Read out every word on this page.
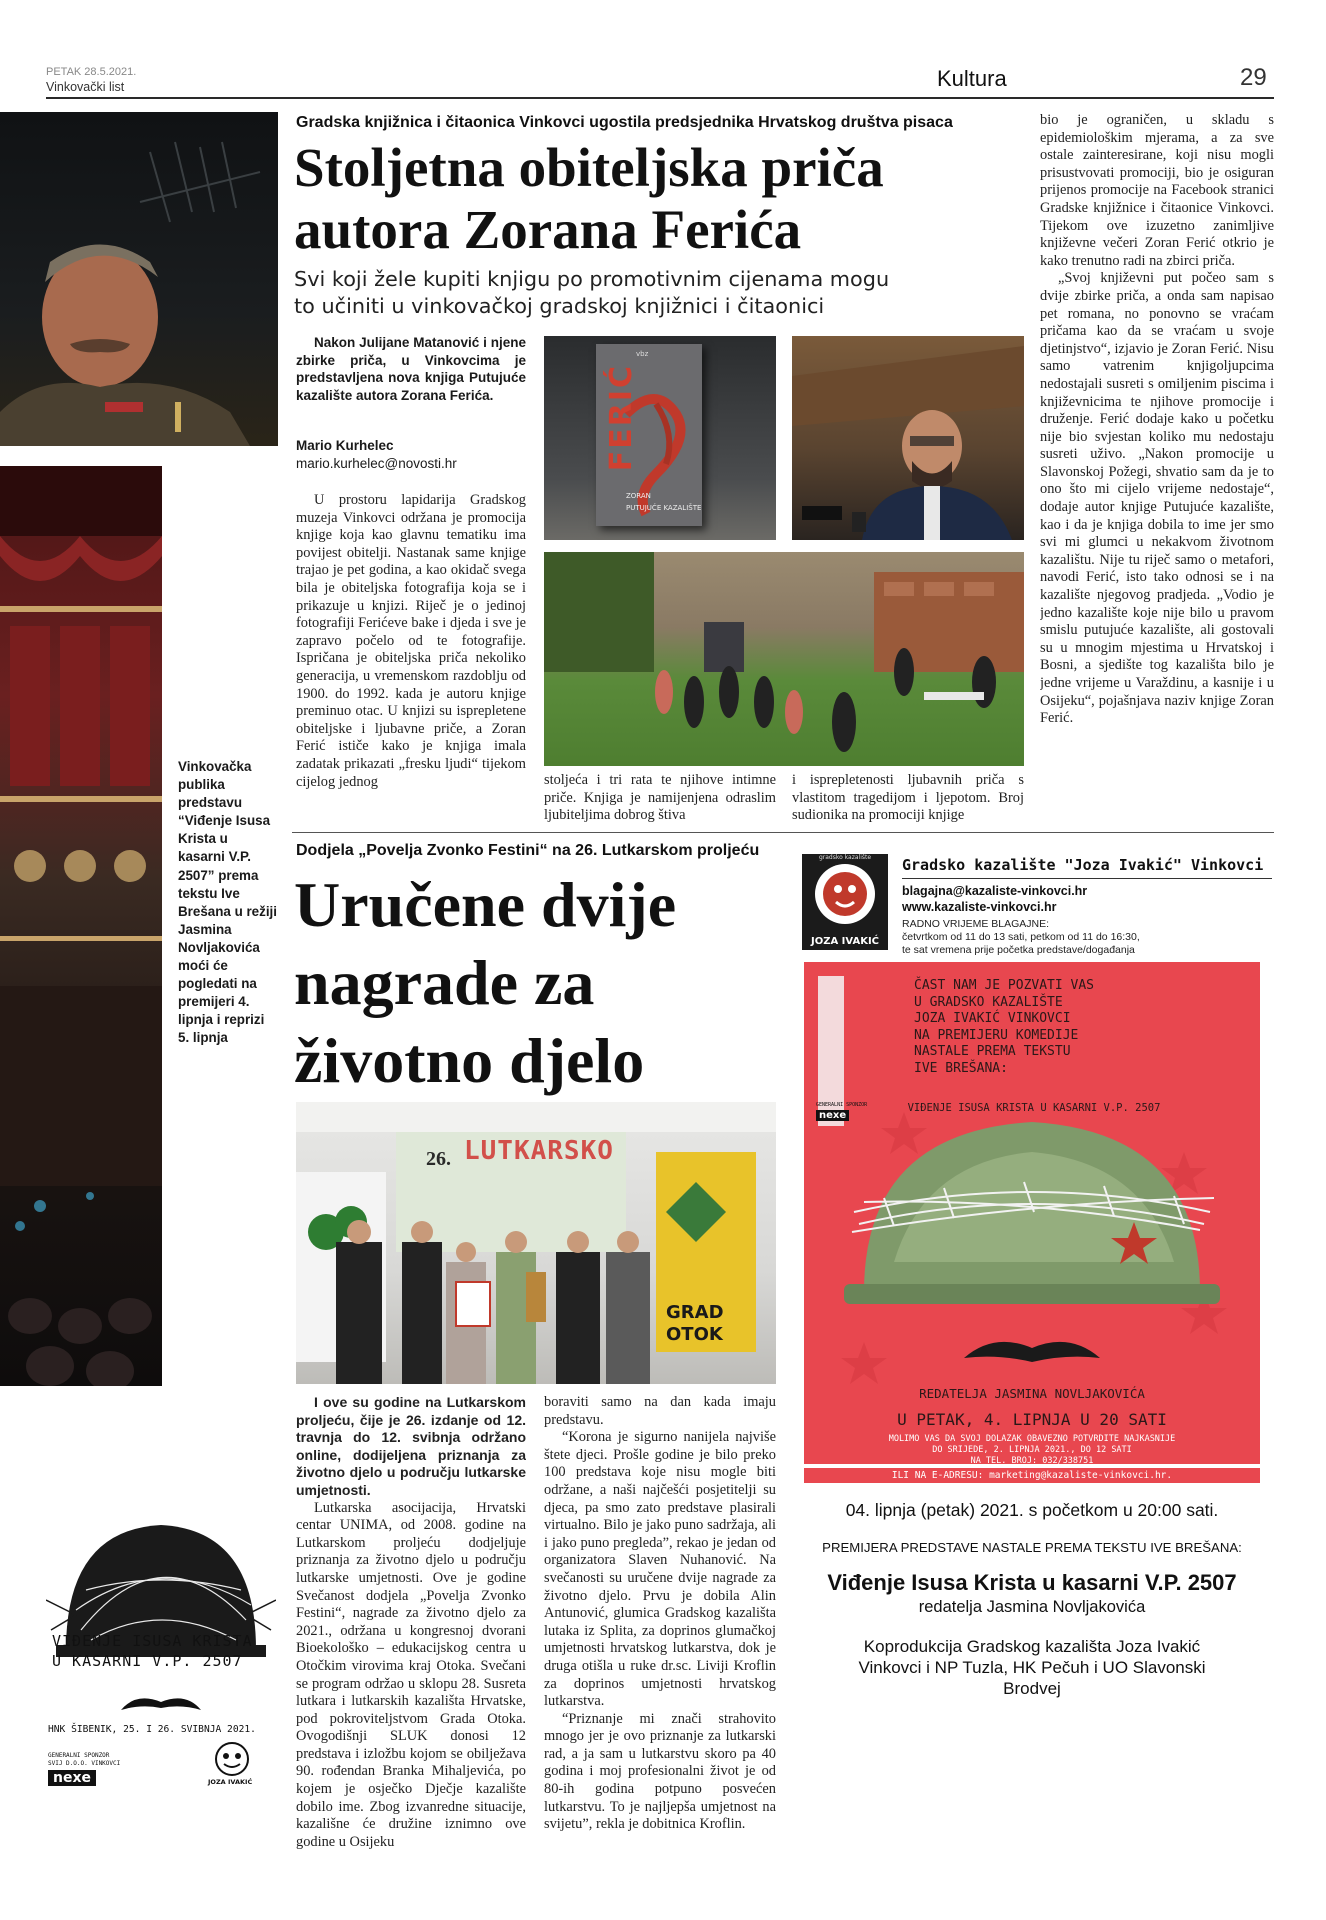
PETAK 28.5.2021.
Vinkovački list	Kultura	29
Vinkovačka publika predstavu “Viđenje Isusa Krista u kasarni V.P. 2507” prema tekstu Ive Brešana u režiji Jasmina Novljakovića moći će pogledati na premijeri 4. lipnja i reprizi 5. lipnja
VIĐENJE ISUSA KRISTA
U KASARNI V.P. 2507
HNK ŠIBENIK, 25. I 26. SVIBNJA 2021.
GENERALNI SPONZOR
SVIJ D.O.O. VINKOVCI
nexe	JOZA IVAKIĆ
Gradska knjižnica i čitaonica Vinkovci ugostila predsjednika Hrvatskog društva pisaca
Stoljetna obiteljska priča
autora Zorana Ferića
Svi koji žele kupiti knjigu po promotivnim cijenama mogu
to učiniti u vinkovačkoj gradskoj knjižnici i čitaonici
Nakon Julijane Matanović i njene zbirke priča, u Vinkovcima je predstavljena nova knjiga Putujuće kazalište autora Zorana Ferića.
Mario Kurhelec
mario.kurhelec@novosti.hr

U prostoru lapidarija Gradskog muzeja Vinkovci održana je promocija knjige koja kao glavnu tematiku ima povijest obitelji. Nastanak same knjige trajao je pet godina, a kao okidač svega bila je obiteljska fotografija koja se i prikazuje u knjizi. Riječ je o jedinoj fotografiji Ferićeve bake i djeda i sve je zapravo počelo od te fotografije. Ispričana je obiteljska priča nekoliko generacija, u vremenskom razdoblju od 1900. do 1992. kada je autoru knjige preminuo otac. U knjizi su isprepletene obiteljske i ljubavne priče, a Zoran Ferić ističe kako je knjiga imala zadatak prikazati „fresku ljudi“ tijekom cijelog jednog	stoljeća i tri rata te njihove intimne priče. Knjiga je namijenjena odraslim ljubiteljima dobrog štiva

i isprepletenosti ljubavnih priča s vlastitom tragedijom i ljepotom. Broj sudionika na promociji knjige

vbz
FERIĆ
ZORAN
PUTUJUĆE KAZALIŠTE

bio je ograničen, u skladu s epidemiološkim mjerama, a za sve ostale zainteresirane, koji nisu mogli prisustvovati promociji, bio je osiguran prijenos promocije na Facebook stranici Gradske knjižnice i čitaonice Vinkovci. Tijekom ove izuzetno zanimljive književne večeri Zoran Ferić otkrio je kako trenutno radi na zbirci priča.

„Svoj književni put počeo sam s dvije zbirke priča, a onda sam napisao pet romana, no ponovno se vraćam pričama kao da se vraćam u svoje djetinjstvo“, izjavio je Zoran Ferić. Nisu samo vatrenim knjigoljupcima nedostajali susreti s omiljenim piscima i književnicima te njihove promocije i druženje. Ferić dodaje kako u početku nije bio svjestan koliko mu nedostaju susreti uživo. „Nakon promocije u Slavonskoj Požegi, shvatio sam da je to ono što mi cijelo vrijeme nedostaje“, dodaje autor knjige Putujuće kazalište, kao i da je knjiga dobila to ime jer smo svi mi glumci u nekakvom životnom kazalištu. Nije tu riječ samo o metafori, navodi Ferić, isto tako odnosi se i na kazalište njegovog pradjeda. „Vodio je jedno kazalište koje nije bilo u pravom smislu putujuće kazalište, ali gostovali su u mnogim mjestima u Hrvatskoj i Bosni, a sjedište tog kazališta bilo je jedne vrijeme u Varaždinu, a kasnije i u Osijeku“, pojašnjava naziv knjige Zoran Ferić.

Dodjela „Povelja Zvonko Festini“ na 26. Lutkarskom proljeću
Uručene dvije
nagrade za
životno djelo
26. LUTKARSKO
GRAD OTOK

I ove su godine na Lutkarskom proljeću, čije je 26. izdanje od 12. travnja do 12. svibnja održano online, dodijeljena priznanja za životno djelo u području lutkarske umjetnosti.

Lutkarska asocijacija, Hrvatski centar UNIMA, od 2008. godine na Lutkarskom proljeću dodjeljuje priznanja za životno djelo u području lutkarske umjetnosti. Ove je godine Svečanost dodjela „Povelja Zvonko Festini“, nagrade za životno djelo za 2021., održana u kongresnoj dvorani Bioekološko – edukacijskog centra u Otočkim virovima kraj Otoka. Svečani se program održao u sklopu 28. Susreta lutkara i lutkarskih kazališta Hrvatske, pod pokroviteljstvom Grada Otoka. Ovogodišnji SLUK donosi 12 predstava i izložbu kojom se obilježava 90. rođendan Branka Mihaljevića, po kojem je osječko Dječje kazalište dobilo ime. Zbog izvanredne situacije, kazališne će družine iznimno ove godine u Osijeku

boraviti samo na dan kada imaju predstavu.

“Korona je sigurno nanijela najviše štete djeci. Prošle godine je bilo preko 100 predstava koje nisu mogle biti održane, a naši najčešći posjetitelji su djeca, pa smo zato predstave plasirali virtualno. Bilo je jako puno sadržaja, ali i jako puno pregleda”, rekao je jedan od organizatora Slaven Nuhanović. Na svečanosti su uručene dvije nagrade za životno djelo. Prvu je dobila Alin Antunović, glumica Gradskog kazališta lutaka iz Splita, za doprinos glumačkoj umjetnosti hrvatskog lutkarstva, dok je druga otišla u ruke dr.sc. Liviji Kroflin za doprinos umjetnosti hrvatskog lutkarstva.

“Priznanje mi znači strahovito mnogo jer je ovo priznanje za lutkarski rad, a ja sam u lutkarstvu skoro pa 40 godina i moj profesionalni život je od 80-ih godina potpuno posvećen lutkarstvu. To je najljepša umjetnost na svijetu”, rekla je dobitnica Kroflin.

JOZA IVAKIĆ
gradsko kazalište	Gradsko kazalište "Joza Ivakić" Vinkovci
blagajna@kazaliste-vinkovci.hr
www.kazaliste-vinkovci.hr
RADNO VRIJEME BLAGAJNE:
četvrtkom od 11 do 13 sati, petkom od 11 do 16:30,
te sat vremena prije početka predstave/događanja
GENERALNI SPONZOR
nexe
ČAST NAM JE POZVATI VAS
U GRADSKO KAZALIŠTE
JOZA IVAKIĆ VINKOVCI
NA PREMIJERU KOMEDIJE
NASTALE PREMA TEKSTU
IVE BREŠANA:
VIĐENJE ISUSA KRISTA U KASARNI V.P. 2507
REDATELJA JASMINA NOVLJAKOVIĆA
U PETAK, 4. LIPNJA U 20 SATI
MOLIMO VAS DA SVOJ DOLAZAK OBAVEZNO POTVRDITE NAJKASNIJE
DO SRIJEDE, 2. LIPNJA 2021., DO 12 SATI
NA TEL. BROJ: 032/338751
ILI NA E-ADRESU: marketing@kazaliste-vinkovci.hr.
04. lipnja (petak) 2021. s početkom u 20:00 sati.
PREMIJERA PREDSTAVE NASTALE PREMA TEKSTU IVE BREŠANA:
Viđenje Isusa Krista u kasarni V.P. 2507
redatelja Jasmina Novljakovića
Koprodukcija Gradskog kazališta Joza Ivakić Vinkovci i NP Tuzla, HK Pečuh i UO Slavonski Brodvej
